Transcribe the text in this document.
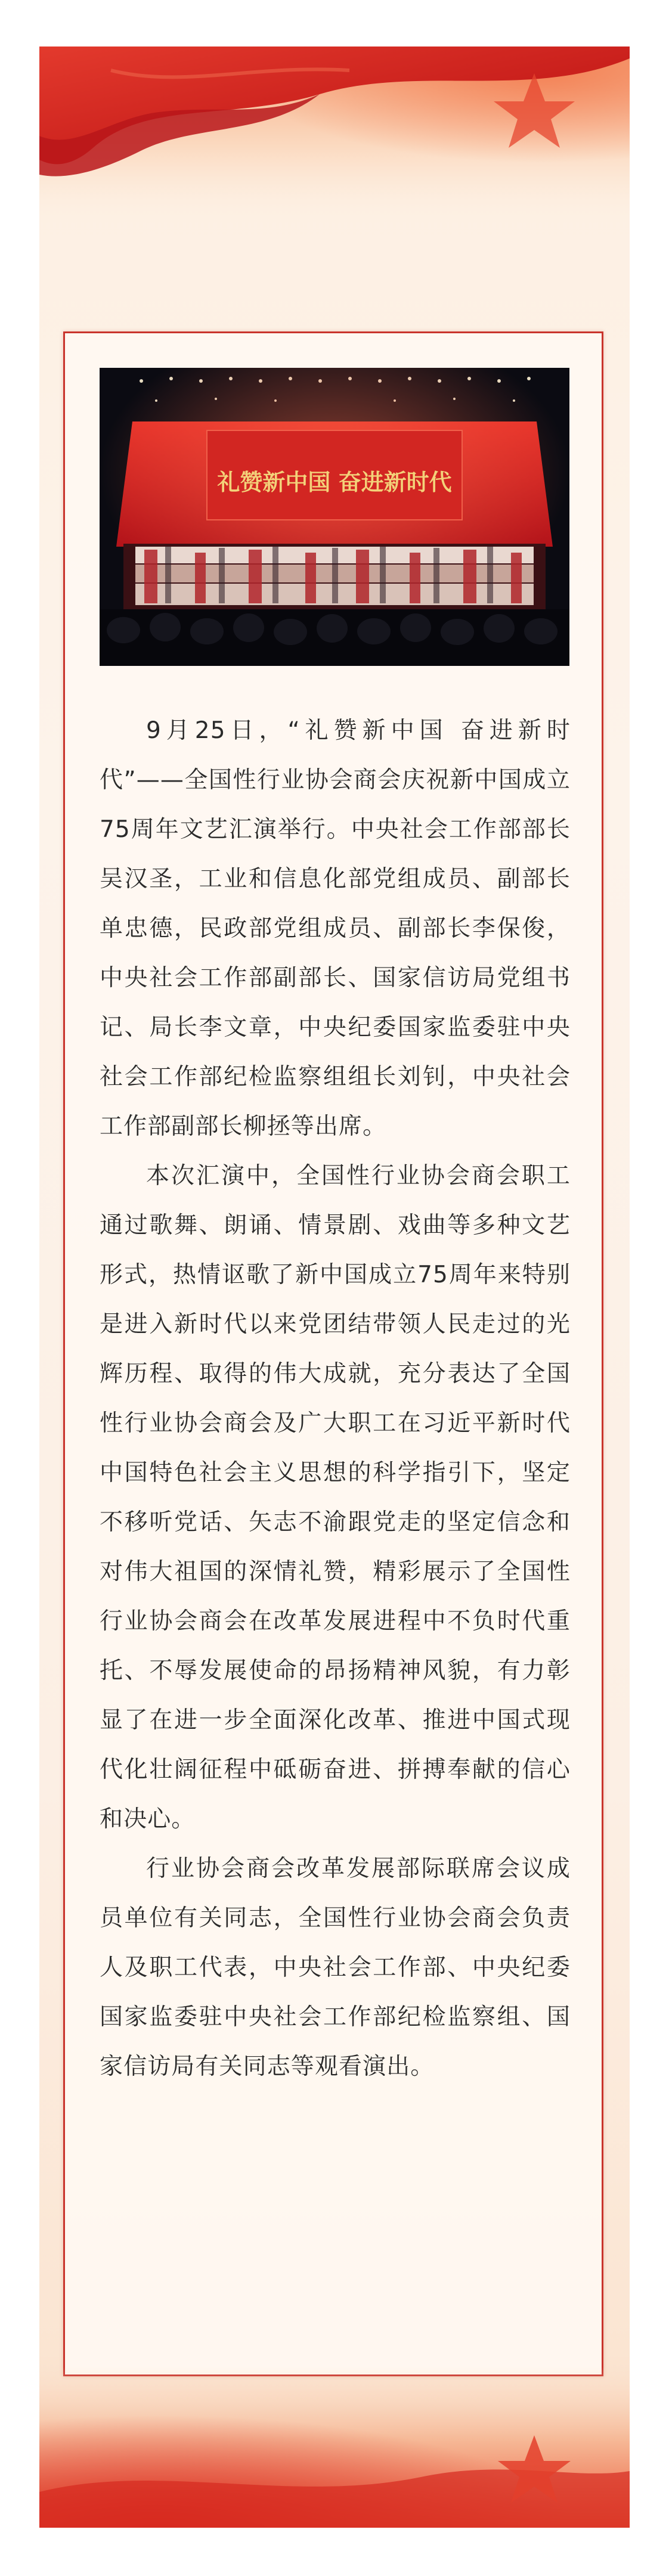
礼赞新中国 奋进新时代

9月25日，“礼赞新中国 奋进新时代”——全国性行业协会商会庆祝新中国成立75周年文艺汇演举行。中央社会工作部部长吴汉圣，工业和信息化部党组成员、副部长单忠德，民政部党组成员、副部长李保俊，中央社会工作部副部长、国家信访局党组书记、局长李文章，中央纪委国家监委驻中央社会工作部纪检监察组组长刘钊，中央社会工作部副部长柳拯等出席。

本次汇演中，全国性行业协会商会职工通过歌舞、朗诵、情景剧、戏曲等多种文艺形式，热情讴歌了新中国成立75周年来特别是进入新时代以来党团结带领人民走过的光辉历程、取得的伟大成就，充分表达了全国性行业协会商会及广大职工在习近平新时代中国特色社会主义思想的科学指引下，坚定不移听党话、矢志不渝跟党走的坚定信念和对伟大祖国的深情礼赞，精彩展示了全国性行业协会商会在改革发展进程中不负时代重托、不辱发展使命的昂扬精神风貌，有力彰显了在进一步全面深化改革、推进中国式现代化壮阔征程中砥砺奋进、拼搏奉献的信心和决心。

行业协会商会改革发展部际联席会议成员单位有关同志，全国性行业协会商会负责人及职工代表，中央社会工作部、中央纪委国家监委驻中央社会工作部纪检监察组、国家信访局有关同志等观看演出。
